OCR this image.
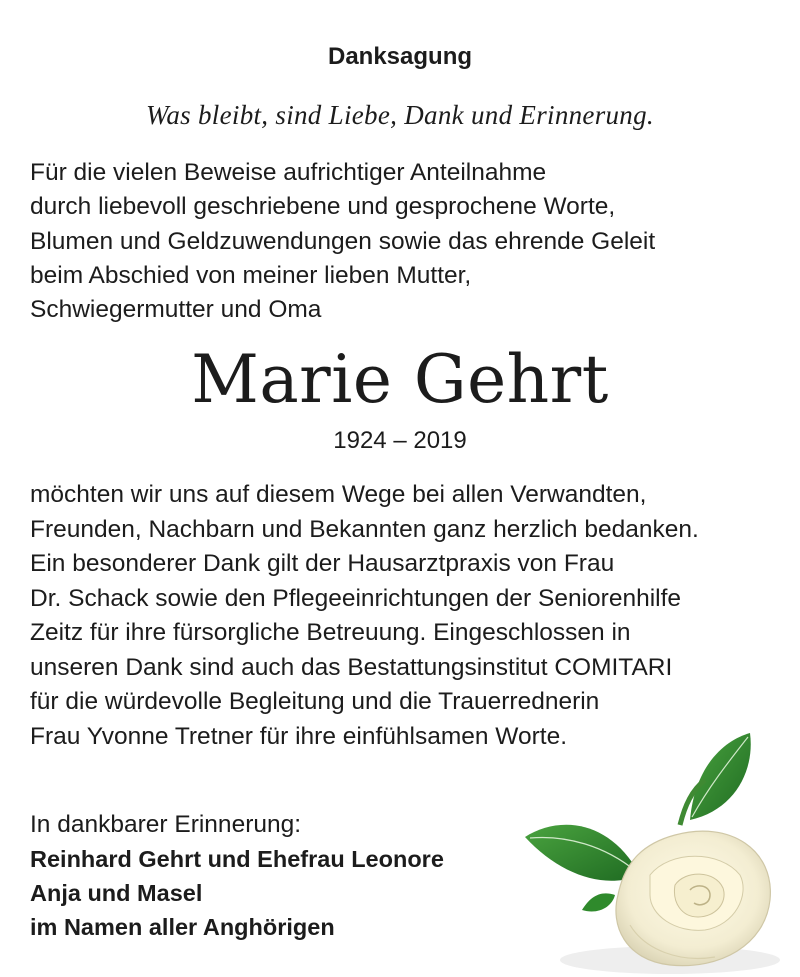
Danksagung
Was bleibt, sind Liebe, Dank und Erinnerung.
Für die vielen Beweise aufrichtiger Anteilnahme
durch liebevoll geschriebene und gesprochene Worte,
Blumen und Geldzuwendungen sowie das ehrende Geleit
beim Abschied von meiner lieben Mutter,
Schwiegermutter und Oma
Marie Gehrt
1924 – 2019
möchten wir uns auf diesem Wege bei allen Verwandten,
Freunden, Nachbarn und Bekannten ganz herzlich bedanken.
Ein besonderer Dank gilt der Hausarztpraxis von Frau
Dr. Schack sowie den Pflegeeinrichtungen der Seniorenhilfe
Zeitz für ihre fürsorgliche Betreuung. Eingeschlossen in
unseren Dank sind auch das Bestattungsinstitut COMITARI
für die würdevolle Begleitung und die Trauerrednerin
Frau Yvonne Tretner für ihre einfühlsamen Worte.
In dankbarer Erinnerung:
Reinhard Gehrt und Ehefrau Leonore
Anja und Masel
im Namen aller Anghörigen
